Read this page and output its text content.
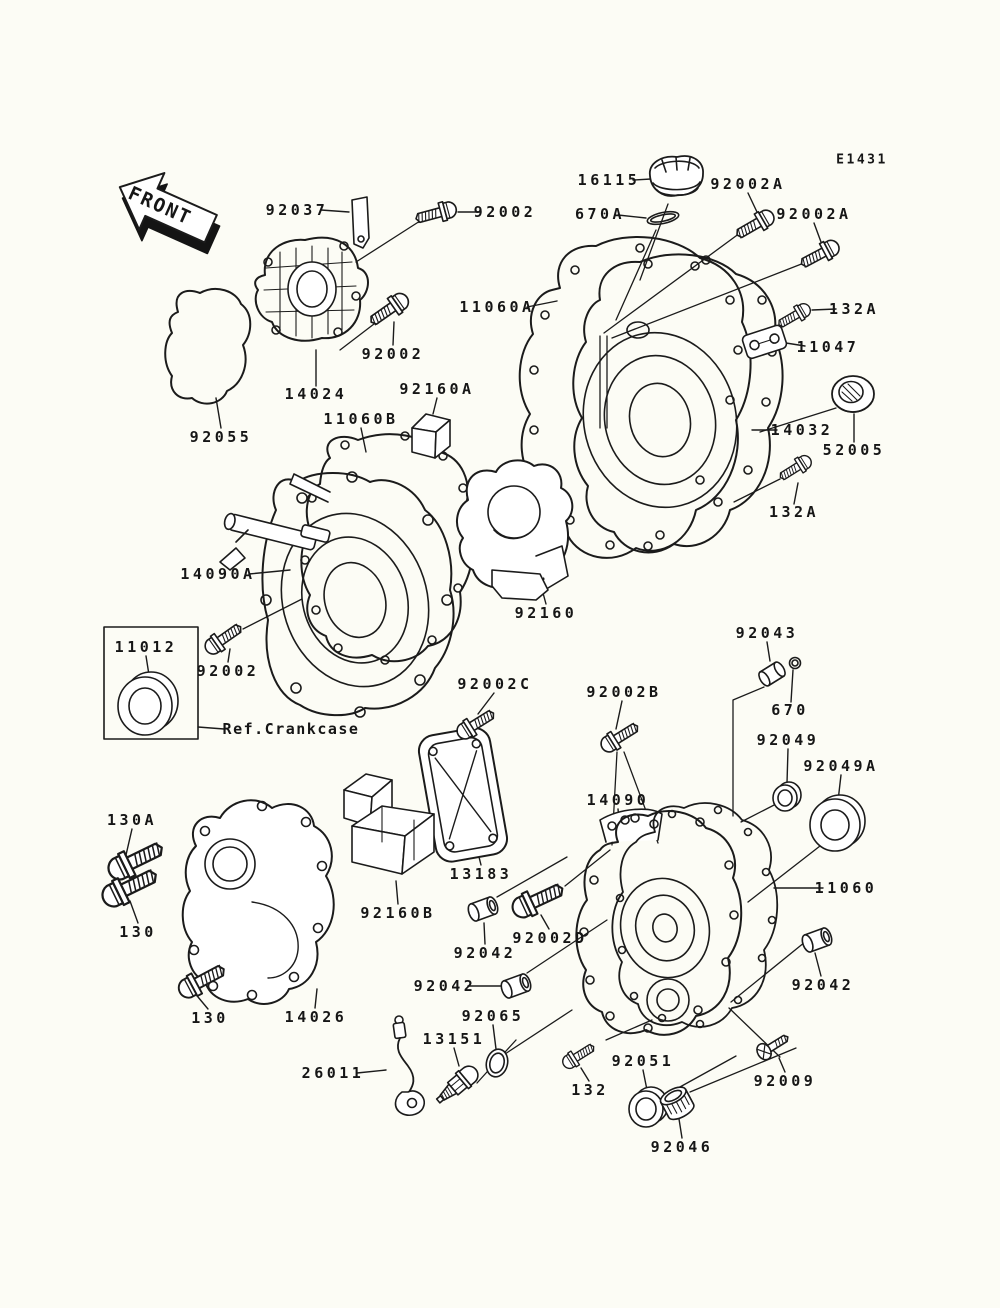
E1431
FRONT
Ref.Crankcase
92037	92002
16115
670A
92002A
92002A
11060A	132A
11047
92002
14024	92160A
11060B
92055	14032
52005
132A
14090A
92160
92043
11012
92002
92002C	92002B
670
92049
92049A
14090
130A
13183
11060
92160B
130	92002D
92042
92042	92042
92065
130	14026
13151
92051
26011
132	92009
92046
